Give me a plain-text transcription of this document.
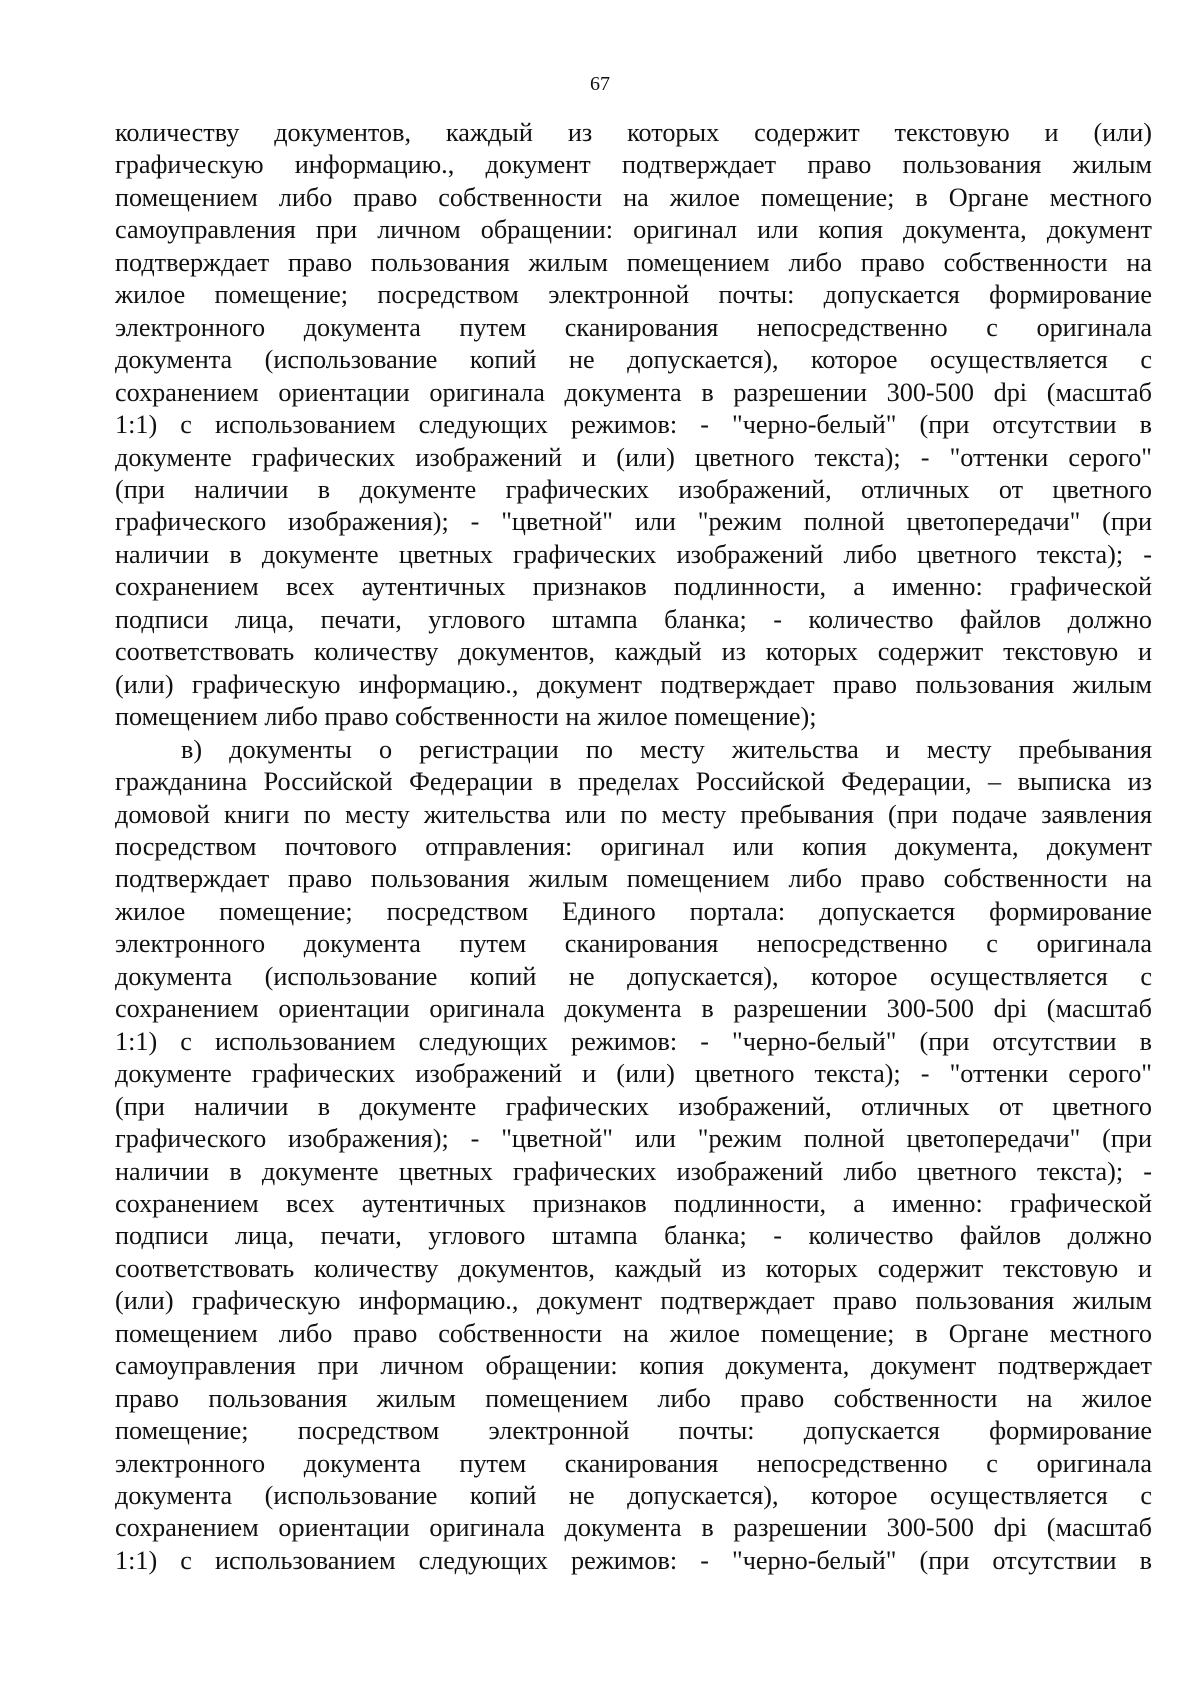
67
количеству документов, каждый из которых содержит текстовую и (или)
графическую информацию., документ подтверждает право пользования жилым
помещением либо право собственности на жилое помещение; в Органе местного
самоуправления при личном обращении: оригинал или копия документа, документ
подтверждает право пользования жилым помещением либо право собственности на
жилое помещение; посредством электронной почты: допускается формирование
электронного документа путем сканирования непосредственно с оригинала
документа (использование копий не допускается), которое осуществляется с
сохранением ориентации оригинала документа в разрешении 300-500 dpi (масштаб
1:1) с использованием следующих режимов: - "черно-белый" (при отсутствии в
документе графических изображений и (или) цветного текста); - "оттенки серого"
(при наличии в документе графических изображений, отличных от цветного
графического изображения); - "цветной" или "режим полной цветопередачи" (при
наличии в документе цветных графических изображений либо цветного текста); -
сохранением всех аутентичных признаков подлинности, а именно: графической
подписи лица, печати, углового штампа бланка; - количество файлов должно
соответствовать количеству документов, каждый из которых содержит текстовую и
(или) графическую информацию., документ подтверждает право пользования жилым
помещением либо право собственности на жилое помещение);
в) документы о регистрации по месту жительства и месту пребывания
гражданина Российской Федерации в пределах Российской Федерации, – выписка из
домовой книги по месту жительства или по месту пребывания (при подаче заявления
посредством почтового отправления: оригинал или копия документа, документ
подтверждает право пользования жилым помещением либо право собственности на
жилое помещение; посредством Единого портала: допускается формирование
электронного документа путем сканирования непосредственно с оригинала
документа (использование копий не допускается), которое осуществляется с
сохранением ориентации оригинала документа в разрешении 300-500 dpi (масштаб
1:1) с использованием следующих режимов: - "черно-белый" (при отсутствии в
документе графических изображений и (или) цветного текста); - "оттенки серого"
(при наличии в документе графических изображений, отличных от цветного
графического изображения); - "цветной" или "режим полной цветопередачи" (при
наличии в документе цветных графических изображений либо цветного текста); -
сохранением всех аутентичных признаков подлинности, а именно: графической
подписи лица, печати, углового штампа бланка; - количество файлов должно
соответствовать количеству документов, каждый из которых содержит текстовую и
(или) графическую информацию., документ подтверждает право пользования жилым
помещением либо право собственности на жилое помещение; в Органе местного
самоуправления при личном обращении: копия документа, документ подтверждает
право пользования жилым помещением либо право собственности на жилое
помещение; посредством электронной почты: допускается формирование
электронного документа путем сканирования непосредственно с оригинала
документа (использование копий не допускается), которое осуществляется с
сохранением ориентации оригинала документа в разрешении 300-500 dpi (масштаб
1:1) с использованием следующих режимов: - "черно-белый" (при отсутствии в
